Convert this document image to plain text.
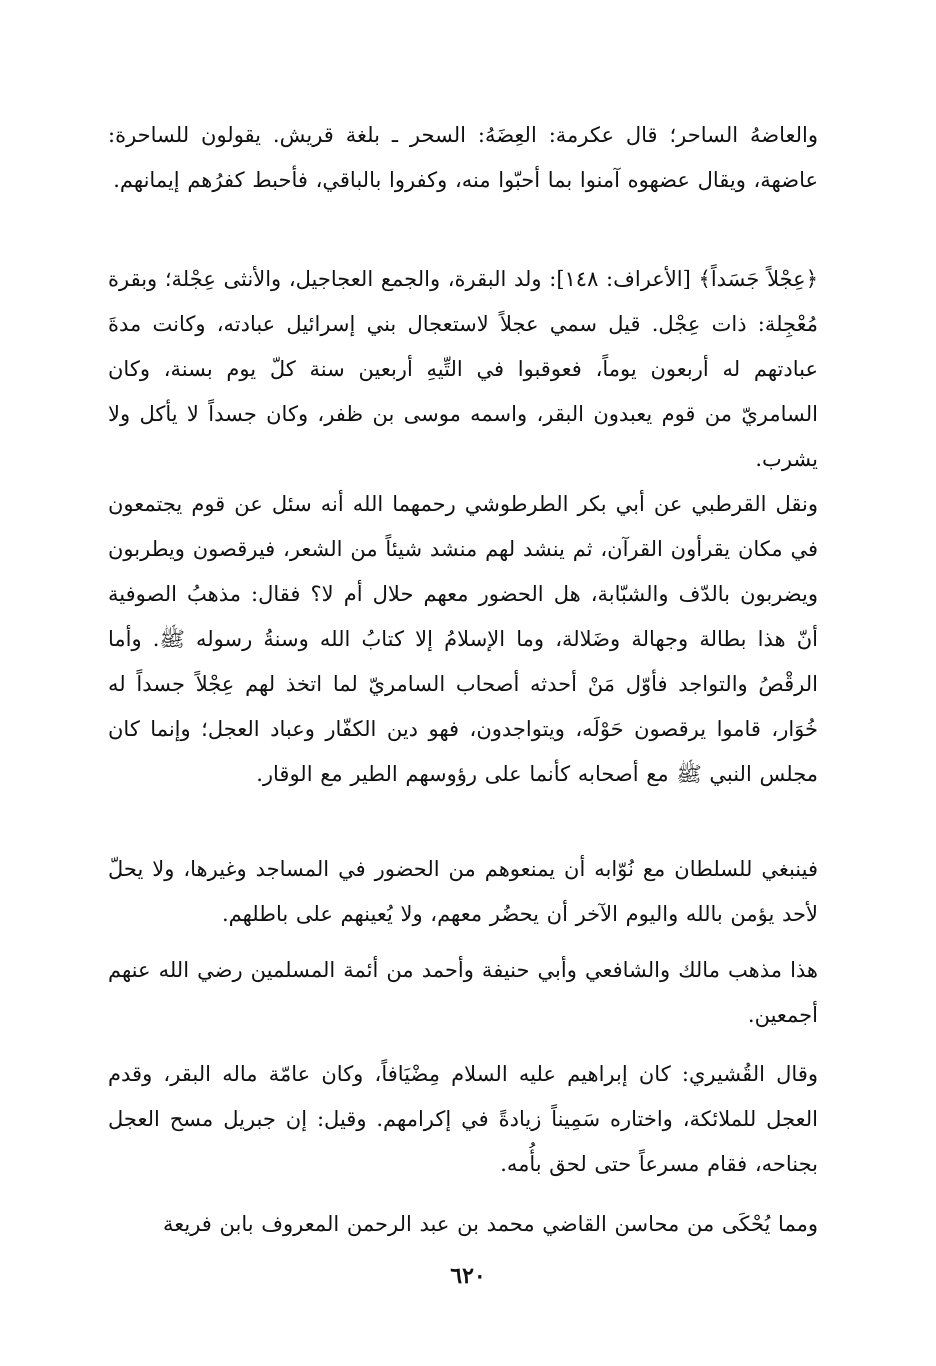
والعاضهُ الساحر؛ قال عكرمة: العِضَهُ: السحر ـ بلغة قريش. يقولون للساحرة: عاضهة، ويقال عضهوه آمنوا بما أحبّوا منه، وكفروا بالباقي، فأحبط كفرُهم إيمانهم.

﴿عِجْلاً جَسَداً﴾ [الأعراف: ١٤٨]: ولد البقرة، والجمع العجاجيل، والأنثى عِجْلة؛ وبقرة مُعْجِلة: ذات عِجْل. قيل سمي عجلاً لاستعجال بني إسرائيل عبادته، وكانت مدةَ عبادتهم له أربعون يوماً، فعوقبوا في التِّيهِ أربعين سنة كلّ يوم بسنة، وكان السامريّ من قوم يعبدون البقر، واسمه موسى بن ظفر، وكان جسداً لا يأكل ولا يشرب.

ونقل القرطبي عن أبي بكر الطرطوشي رحمهما الله أنه سئل عن قوم يجتمعون في مكان يقرأون القرآن، ثم ينشد لهم منشد شيئاً من الشعر، فيرقصون ويطربون ويضربون بالدّف والشبّابة، هل الحضور معهم حلال أم لا؟ فقال: مذهبُ الصوفية أنّ هذا بطالة وجهالة وضَلالة، وما الإسلامُ إلا كتابُ الله وسنةُ رسوله ﷺ. وأما الرقْصُ والتواجد فأوّل مَنْ أحدثه أصحاب السامريّ لما اتخذ لهم عِجْلاً جسداً له خُوَار، قاموا يرقصون حَوْلَه، ويتواجدون، فهو دين الكفّار وعباد العجل؛ وإنما كان مجلس النبي ﷺ مع أصحابه كأنما على رؤوسهم الطير مع الوقار.

فينبغي للسلطان مع نُوّابه أن يمنعوهم من الحضور في المساجد وغيرها، ولا يحلّ لأحد يؤمن بالله واليوم الآخر أن يحضُر معهم، ولا يُعينهم على باطلهم.

هذا مذهب مالك والشافعي وأبي حنيفة وأحمد من أئمة المسلمين رضي الله عنهم أجمعين.

وقال القُشيري: كان إبراهيم عليه السلام مِضْيَافاً، وكان عامّة ماله البقر، وقدم العجل للملائكة، واختاره سَمِيناً زيادةً في إكرامهم. وقيل: إن جبريل مسح العجل بجناحه، فقام مسرعاً حتى لحق بأُمه.

ومما يُحْكَى من محاسن القاضي محمد بن عبد الرحمن المعروف بابن فريعة

٦٢٠
